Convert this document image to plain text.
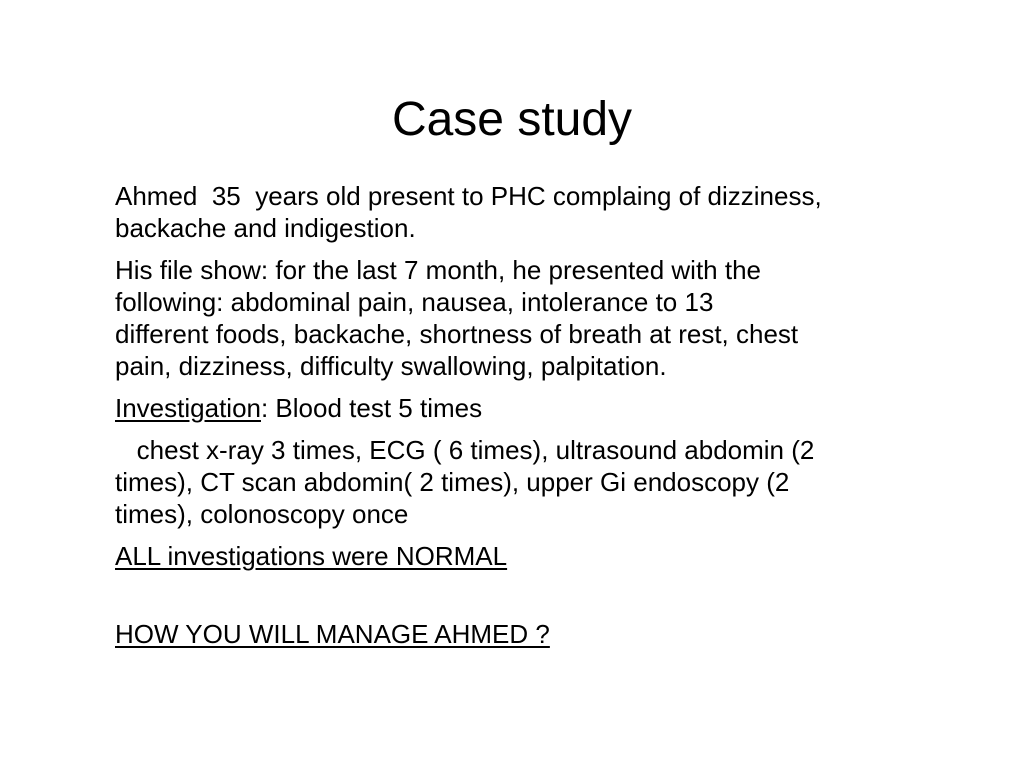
Case study
Ahmed  35  years old present to PHC complaing of dizziness,
backache and indigestion.
His file show: for the last 7 month, he presented with the
following: abdominal pain, nausea, intolerance to 13
different foods, backache, shortness of breath at rest, chest
pain, dizziness, difficulty swallowing, palpitation.
Investigation: Blood test 5 times
chest x-ray 3 times, ECG ( 6 times), ultrasound abdomin (2
times), CT scan abdomin( 2 times), upper Gi endoscopy (2
times), colonoscopy once
ALL investigations were NORMAL
HOW YOU WILL MANAGE AHMED ?
